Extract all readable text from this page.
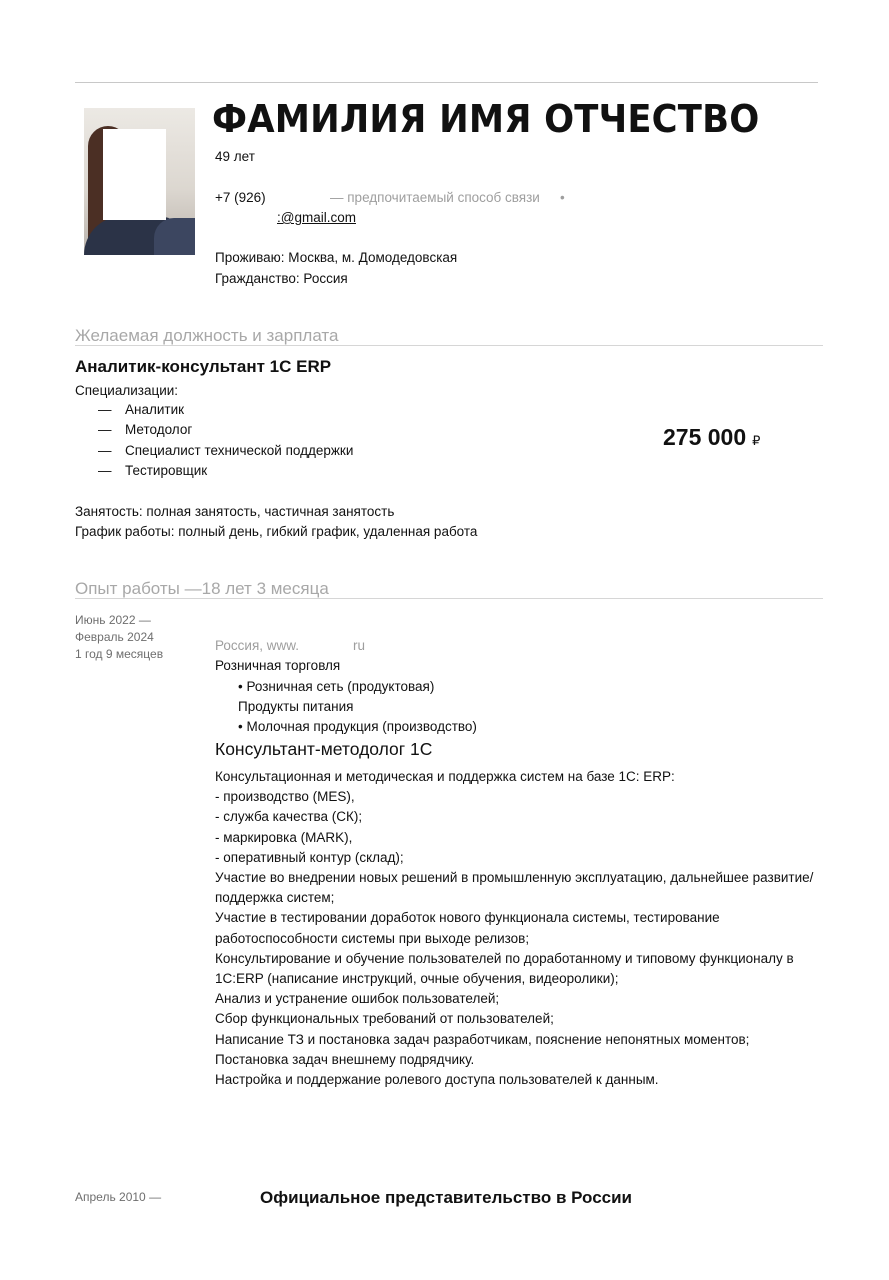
ФАМИЛИЯ ИМЯ ОТЧЕСТВО
49 лет
+7 (926)	— предпочитаемый способ связи •
:@gmail.com
Проживаю: Москва, м. Домодедовская
Гражданство: Россия
Желаемая должность и зарплата
Аналитик-консультант 1С ERP
Специализации:
— Аналитик
— Методолог
— Специалист технической поддержки
— Тестировщик
275 000 ₽
Занятость: полная занятость, частичная занятость
График работы: полный день, гибкий график, удаленная работа
Опыт работы —18 лет 3 месяца
Июнь 2022 —
Февраль 2024
1 год 9 месяцев
Россия, www.	ru
Розничная торговля
• Розничная сеть (продуктовая)
Продукты питания
• Молочная продукция (производство)
Консультант-методолог 1С
Консультационная и методическая и поддержка систем на базе 1С: ERP:
- производство (MES),
- служба качества (СК);
- маркировка (MARK),
- оперативный контур (склад);
Участие во внедрении новых решений в промышленную эксплуатацию, дальнейшее развитие/поддержка систем;
Участие в тестировании доработок нового функционала системы, тестирование работоспособности системы при выходе релизов;
Консультирование и обучение пользователей по доработанному и типовому функционалу в 1С:ERP (написание инструкций, очные обучения, видеоролики);
Анализ и устранение ошибок пользователей;
Сбор функциональных требований от пользователей;
Написание ТЗ и постановка задач разработчикам, пояснение непонятных моментов;
Постановка задач внешнему подрядчику.
Настройка и поддержание ролевого доступа пользователей к данным.
Апрель 2010 —	Официальное представительство в России
